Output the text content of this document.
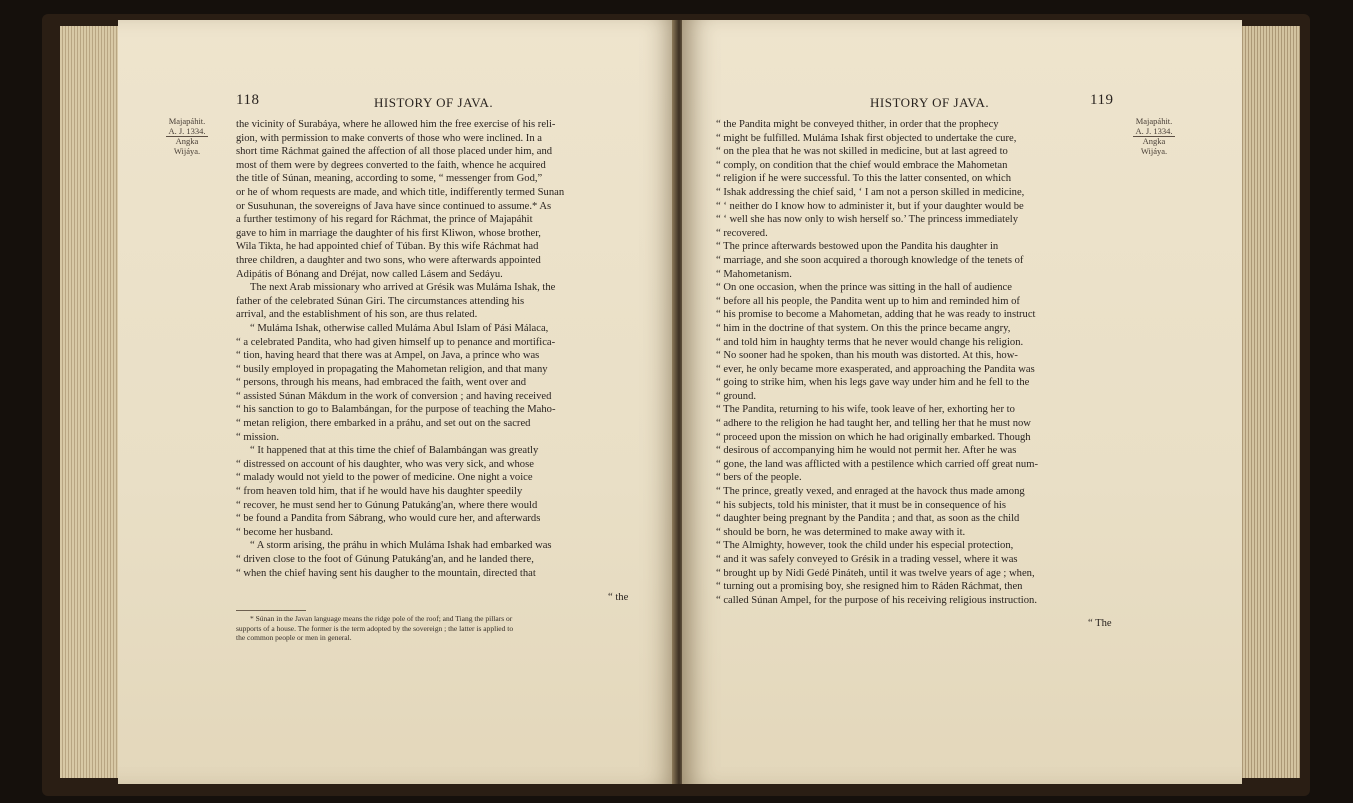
118	HISTORY OF JAVA.
Majapáhit.
A. J. 1334.
Angka Wijáya.
the vicinity of Surabáya, where he allowed him the free exercise of his reli-
gion, with permission to make converts of those who were inclined. In a
short time Ráchmat gained the affection of all those placed under him, and
most of them were by degrees converted to the faith, whence he acquired
the title of Súnan, meaning, according to some, “ messenger from God,”
or he of whom requests are made, and which title, indifferently termed Sunan
or Susuhunan, the sovereigns of Java have since continued to assume.* As
a further testimony of his regard for Ráchmat, the prince of Majapáhit
gave to him in marriage the daughter of his first Kliwon, whose brother,
Wila Tikta, he had appointed chief of Túban. By this wife Ráchmat had
three children, a daughter and two sons, who were afterwards appointed
Adipátis of Bónang and Dréjat, now called Lásem and Sedáyu.
The next Arab missionary who arrived at Grésik was Muláma Ishak, the
father of the celebrated Súnan Giri. The circumstances attending his
arrival, and the establishment of his son, are thus related.
“ Muláma Ishak, otherwise called Muláma Abul Islam of Pási Málaca,
“ a celebrated Pandita, who had given himself up to penance and mortifica-
“ tion, having heard that there was at Ampel, on Java, a prince who was
“ busily employed in propagating the Mahometan religion, and that many
“ persons, through his means, had embraced the faith, went over and
“ assisted Súnan Mákdum in the work of conversion ; and having received
“ his sanction to go to Balambángan, for the purpose of teaching the Maho-
“ metan religion, there embarked in a práhu, and set out on the sacred
“ mission.
“ It happened that at this time the chief of Balambángan was greatly
“ distressed on account of his daughter, who was very sick, and whose
“ malady would not yield to the power of medicine. One night a voice
“ from heaven told him, that if he would have his daughter speedily
“ recover, he must send her to Gúnung Patukáng'an, where there would
“ be found a Pandita from Sábrang, who would cure her, and afterwards
“ become her husband.
“ A storm arising, the práhu in which Muláma Ishak had embarked was
“ driven close to the foot of Gúnung Patukáng'an, and he landed there,
“ when the chief having sent his daugher to the mountain, directed that
“ the
* Súnan in the Javan language means the ridge pole of the roof; and Tiang the pillars or
supports of a house. The former is the term adopted by the sovereign ; the latter is applied to
the common people or men in general.
HISTORY OF JAVA.	119
Majapáhit.
A. J. 1334.
Angka Wijáya.
“ the Pandita might be conveyed thither, in order that the prophecy
“ might be fulfilled. Muláma Ishak first objected to undertake the cure,
“ on the plea that he was not skilled in medicine, but at last agreed to
“ comply, on condition that the chief would embrace the Mahometan
“ religion if he were successful. To this the latter consented, on which
“ Ishak addressing the chief said, ‘ I am not a person skilled in medicine,
“ ‘ neither do I know how to administer it, but if your daughter would be
“ ‘ well she has now only to wish herself so.’ The princess immediately
“ recovered.
“ The prince afterwards bestowed upon the Pandita his daughter in
“ marriage, and she soon acquired a thorough knowledge of the tenets of
“ Mahometanism.
“ On one occasion, when the prince was sitting in the hall of audience
“ before all his people, the Pandita went up to him and reminded him of
“ his promise to become a Mahometan, adding that he was ready to instruct
“ him in the doctrine of that system. On this the prince became angry,
“ and told him in haughty terms that he never would change his religion.
“ No sooner had he spoken, than his mouth was distorted. At this, how-
“ ever, he only became more exasperated, and approaching the Pandita was
“ going to strike him, when his legs gave way under him and he fell to the
“ ground.
“ The Pandita, returning to his wife, took leave of her, exhorting her to
“ adhere to the religion he had taught her, and telling her that he must now
“ proceed upon the mission on which he had originally embarked. Though
“ desirous of accompanying him he would not permit her. After he was
“ gone, the land was afflicted with a pestilence which carried off great num-
“ bers of the people.
“ The prince, greatly vexed, and enraged at the havock thus made among
“ his subjects, told his minister, that it must be in consequence of his
“ daughter being pregnant by the Pandita ; and that, as soon as the child
“ should be born, he was determined to make away with it.
“ The Almighty, however, took the child under his especial protection,
“ and it was safely conveyed to Grésik in a trading vessel, where it was
“ brought up by Nidi Gedé Pináteh, until it was twelve years of age ; when,
“ turning out a promising boy, she resigned him to Ráden Ráchmat, then
“ called Súnan Ampel, for the purpose of his receiving religious instruction.
“ The
